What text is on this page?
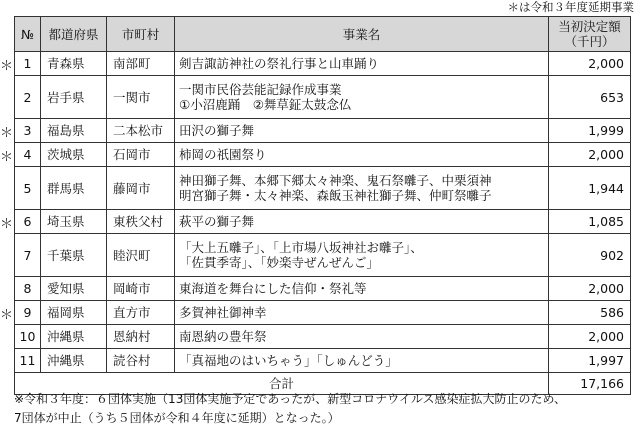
＊は令和３年度延期事業
＊
＊
＊
＊
＊
№	都道府県	市町村	事業名	当初決定額
（千円）
1	青森県	南部町	剣吉諏訪神社の祭礼行事と山車踊り	2,000
2	岩手県	一関市	一関市民俗芸能記録作成事業
①小沼鹿踊　②舞草鉦太鼓念仏	653
3	福島県	二本松市	田沢の獅子舞	1,999
4	茨城県	石岡市	柿岡の祇園祭り	2,000
5	群馬県	藤岡市	神田獅子舞、本郷下郷太々神楽、鬼石祭囃子、中栗須神
明宮獅子舞・太々神楽、森飯玉神社獅子舞、仲町祭囃子	1,944
6	埼玉県	東秩父村	萩平の獅子舞	1,085
7	千葉県	睦沢町	「大上五囃子」、「上市場八坂神社お囃子」、
「佐貫季寄」、「妙楽寺ぜんぜんご」	902
8	愛知県	岡崎市	東海道を舞台にした信仰・祭礼等	2,000
9	福岡県	直方市	多賀神社御神幸	586
10	沖縄県	恩納村	南恩納の豊年祭	2,000
11	沖縄県	読谷村	「真福地のはいちゃう」「しゅんどう」	1,997
合計				17,166
※令和３年度：６団体実施（13団体実施予定であったが、新型コロナウイルス感染症拡大防止のため、
7団体が中止（うち５団体が令和４年度に延期）となった。）
